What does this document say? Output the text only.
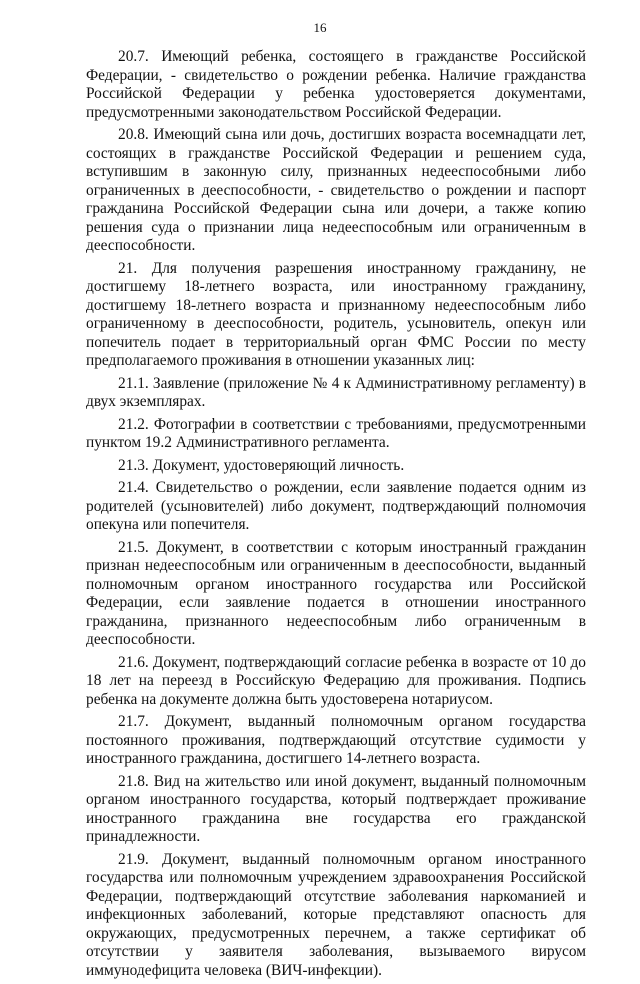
16

20.7. Имеющий ребенка, состоящего в гражданстве Российской Федерации, - свидетельство о рождении ребенка. Наличие гражданства Российской Федерации у ребенка удостоверяется документами, предусмотренными законодательством Российской Федерации.

20.8. Имеющий сына или дочь, достигших возраста восемнадцати лет, состоящих в гражданстве Российской Федерации и решением суда, вступившим в законную силу, признанных недееспособными либо ограниченных в дееспособности, - свидетельство о рождении и паспорт гражданина Российской Федерации сына или дочери, а также копию решения суда о признании лица недееспособным или ограниченным в дееспособности.

21. Для получения разрешения иностранному гражданину, не достигшему 18-летнего возраста, или иностранному гражданину, достигшему 18-летнего возраста и признанному недееспособным либо ограниченному в дееспособности, родитель, усыновитель, опекун или попечитель подает в территориальный орган ФМС России по месту предполагаемого проживания в отношении указанных лиц:

21.1. Заявление (приложение № 4 к Административному регламенту) в двух экземплярах.

21.2. Фотографии в соответствии с требованиями, предусмотренными пунктом 19.2 Административного регламента.

21.3. Документ, удостоверяющий личность.

21.4. Свидетельство о рождении, если заявление подается одним из родителей (усыновителей) либо документ, подтверждающий полномочия опекуна или попечителя.

21.5. Документ, в соответствии с которым иностранный гражданин признан недееспособным или ограниченным в дееспособности, выданный полномочным органом иностранного государства или Российской Федерации, если заявление подается в отношении иностранного гражданина, признанного недееспособным либо ограниченным в дееспособности.

21.6. Документ, подтверждающий согласие ребенка в возрасте от 10 до 18 лет на переезд в Российскую Федерацию для проживания. Подпись ребенка на документе должна быть удостоверена нотариусом.

21.7. Документ, выданный полномочным органом государства постоянного проживания, подтверждающий отсутствие судимости у иностранного гражданина, достигшего 14-летнего возраста.

21.8. Вид на жительство или иной документ, выданный полномочным органом иностранного государства, который подтверждает проживание иностранного гражданина вне государства его гражданской принадлежности.

21.9. Документ, выданный полномочным органом иностранного государства или полномочным учреждением здравоохранения Российской Федерации, подтверждающий отсутствие заболевания наркоманией и инфекционных заболеваний, которые представляют опасность для окружающих, предусмотренных перечнем, а также сертификат об отсутствии у заявителя заболевания, вызываемого вирусом иммунодефицита человека (ВИЧ-инфекции).
